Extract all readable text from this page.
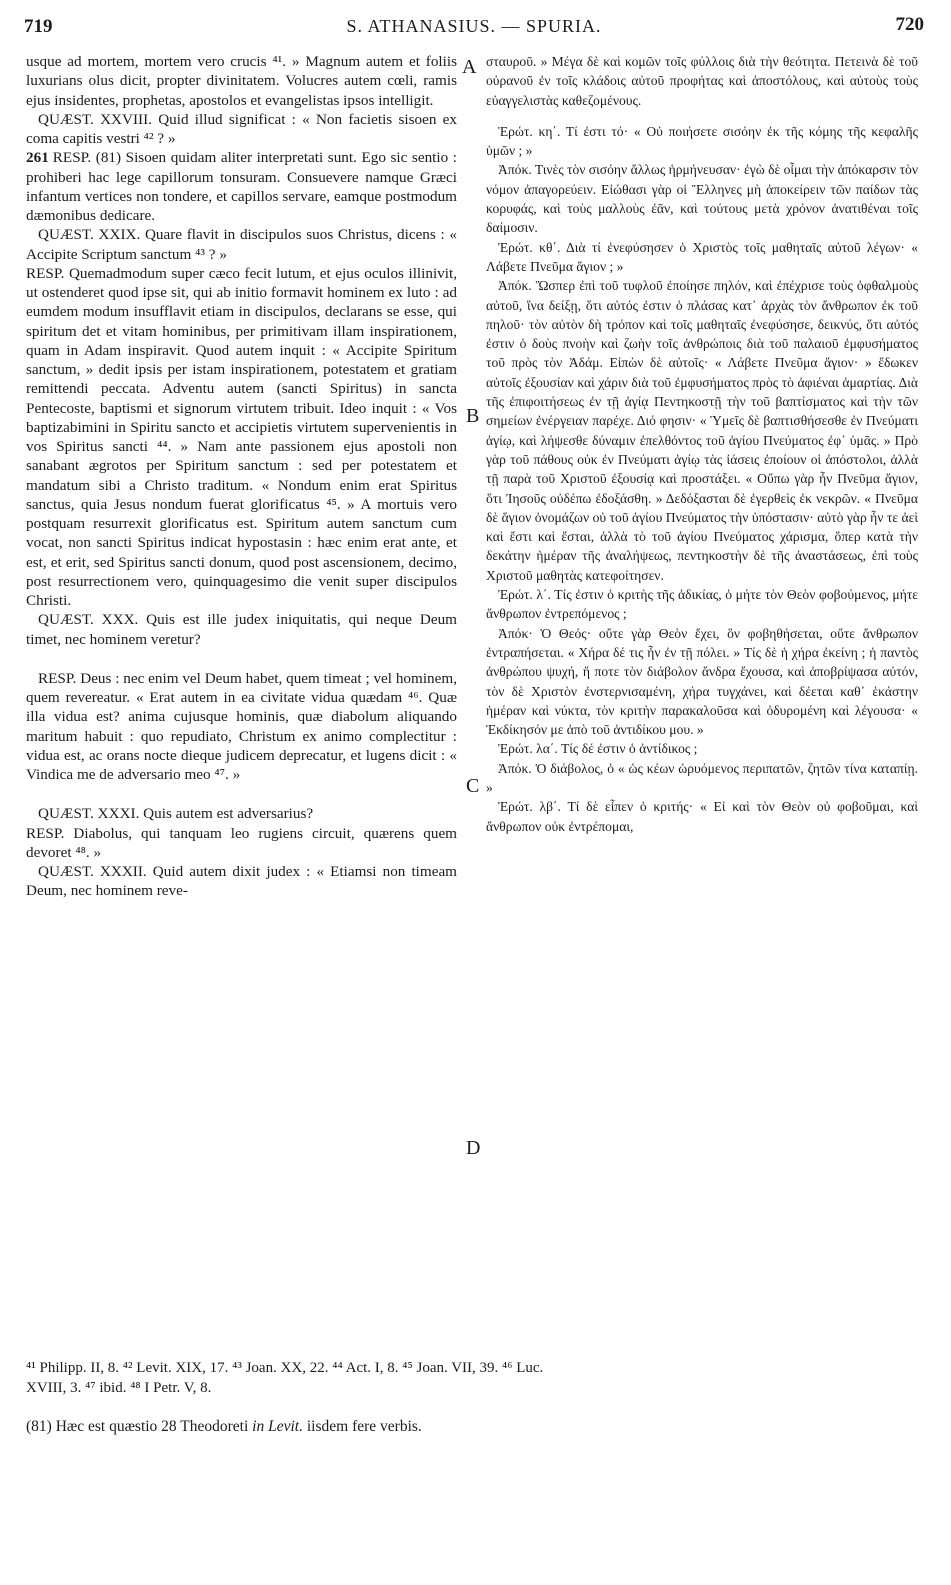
719	S. ATHANASIUS. — SPURIA.	720
A
B
C
D

usque ad mortem, mortem vero crucis ⁴¹. » Magnum autem et foliis luxurians olus dicit, propter divinitatem. Volucres autem cœli, ramis ejus insidentes, prophetas, apostolos et evangelistas ipsos intelligit.

QUÆST. XXVIII. Quid illud significat : « Non facietis sisoen ex coma capitis vestri ⁴² ? »

261 RESP. (81) Sisoen quidam aliter interpretati sunt. Ego sic sentio : prohiberi hac lege capillorum tonsuram. Consuevere namque Græci infantum vertices non tondere, et capillos servare, eamque postmodum dæmonibus dedicare.

QUÆST. XXIX. Quare flavit in discipulos suos Christus, dicens : « Accipite Scriptum sanctum ⁴³ ? »

RESP. Quemadmodum super cæco fecit lutum, et ejus oculos illinivit, ut ostenderet quod ipse sit, qui ab initio formavit hominem ex luto : ad eumdem modum insufflavit etiam in discipulos, declarans se esse, qui spiritum det et vitam hominibus, per primitivam illam inspirationem, quam in Adam inspiravit. Quod autem inquit : « Accipite Spiritum sanctum, » dedit ipsis per istam inspirationem, potestatem et gratiam remittendi peccata. Adventu autem (sancti Spiritus) in sancta Pentecoste, baptismi et signorum virtutem tribuit. Ideo inquit : « Vos baptizabimini in Spiritu sancto et accipietis virtutem supervenientis in vos Spiritus sancti ⁴⁴. » Nam ante passionem ejus apostoli non sanabant ægrotos per Spiritum sanctum : sed per potestatem et mandatum sibi a Christo traditum. « Nondum enim erat Spiritus sanctus, quia Jesus nondum fuerat glorificatus ⁴⁵. » A mortuis vero postquam resurrexit glorificatus est. Spiritum autem sanctum cum vocat, non sancti Spiritus indicat hypostasin : hæc enim erat ante, et est, et erit, sed Spiritus sancti donum, quod post ascensionem, decimo, post resurrectionem vero, quinquagesimo die venit super discipulos Christi.

QUÆST. XXX. Quis est ille judex iniquitatis, qui neque Deum timet, nec hominem veretur?

RESP. Deus : nec enim vel Deum habet, quem timeat ; vel hominem, quem revereatur. « Erat autem in ea civitate vidua quædam ⁴⁶. Quæ illa vidua est? anima cujusque hominis, quæ diabolum aliquando maritum habuit : quo repudiato, Christum ex animo complectitur : vidua est, ac orans nocte dieque judicem deprecatur, et lugens dicit : « Vindica me de adversario meo ⁴⁷. »

QUÆST. XXXI. Quis autem est adversarius?

RESP. Diabolus, qui tanquam leo rugiens circuit, quærens quem devoret ⁴⁸. »

QUÆST. XXXII. Quid autem dixit judex : « Etiamsi non timeam Deum, nec hominem reve-

σταυροῦ. » Μέγα δὲ καὶ κομῶν τοῖς φύλλοις διὰ τὴν θεότητα. Πετεινὰ δὲ τοῦ οὐρανοῦ ἐν τοῖς κλάδοις αὐτοῦ προφήτας καὶ ἀποστόλους, καὶ αὐτοὺς τοὺς εὐαγγελιστὰς καθεζομένους.

Ἐρώτ. κη΄. Τί ἐστι τό· « Οὐ ποιήσετε σισόην ἐκ τῆς κόμης τῆς κεφαλῆς ὑμῶν ; »

Ἀπόκ. Τινὲς τὸν σισόην ἄλλως ἡρμήνευσαν· ἐγὼ δὲ οἶμαι τὴν ἀπόκαρσιν τὸν νόμον ἀπαγορεύειν. Εἰώθασι γὰρ οἱ Ἕλληνες μὴ ἀποκείρειν τῶν παίδων τὰς κορυφάς, καὶ τοὺς μαλλοὺς ἐᾶν, καὶ τούτους μετὰ χρόνον ἀνατιθέναι τοῖς δαίμοσιν.

Ἐρώτ. κθ΄. Διὰ τί ἐνεφύσησεν ὁ Χριστὸς τοῖς μαθηταῖς αὐτοῦ λέγων· « Λάβετε Πνεῦμα ἅγιον ; »

Ἀπόκ. Ὥσπερ ἐπὶ τοῦ τυφλοῦ ἐποίησε πηλόν, καὶ ἐπέχρισε τοὺς ὀφθαλμοὺς αὐτοῦ, ἵνα δείξῃ, ὅτι αὐτός ἐστιν ὁ πλάσας κατ᾽ ἀρχὰς τὸν ἄνθρωπον ἐκ τοῦ πηλοῦ· τὸν αὐτὸν δὴ τρόπον καὶ τοῖς μαθηταῖς ἐνεφύσησε, δεικνύς, ὅτι αὐτός ἐστιν ὁ δοὺς πνοὴν καὶ ζωὴν τοῖς ἀνθρώποις διὰ τοῦ παλαιοῦ ἐμφυσήματος τοῦ πρὸς τὸν Ἀδάμ. Εἰπὼν δὲ αὐτοῖς· « Λάβετε Πνεῦμα ἅγιον· » ἔδωκεν αὐτοῖς ἐξουσίαν καὶ χάριν διὰ τοῦ ἐμφυσήματος πρὸς τὸ ἀφιέναι ἁμαρτίας. Διὰ τῆς ἐπιφοιτήσεως ἐν τῇ ἁγίᾳ Πεντηκοστῇ τὴν τοῦ βαπτίσματος καὶ τὴν τῶν σημείων ἐνέργειαν παρέχε. Διό φησιν· « Ὑμεῖς δὲ βαπτισθήσεσθε ἐν Πνεύματι ἁγίῳ, καὶ λήψεσθε δύναμιν ἐπελθόντος τοῦ ἁγίου Πνεύματος ἐφ᾽ ὑμᾶς. » Πρὸ γὰρ τοῦ πάθους οὐκ ἐν Πνεύματι ἁγίῳ τὰς ἰάσεις ἐποίουν οἱ ἀπόστολοι, ἀλλὰ τῇ παρὰ τοῦ Χριστοῦ ἐξουσίᾳ καὶ προστάξει. « Οὔπω γὰρ ἦν Πνεῦμα ἅγιον, ὅτι Ἰησοῦς οὐδέπω ἐδοξάσθη. » Δεδόξασται δὲ ἐγερθεὶς ἐκ νεκρῶν. « Πνεῦμα δὲ ἅγιον ὀνομάζων οὐ τοῦ ἁγίου Πνεύματος τὴν ὑπόστασιν· αὐτὸ γὰρ ἦν τε ἀεὶ καὶ ἔστι καὶ ἔσται, ἀλλὰ τὸ τοῦ ἁγίου Πνεύματος χάρισμα, ὅπερ κατὰ τὴν δεκάτην ἡμέραν τῆς ἀναλήψεως, πεντηκοστὴν δὲ τῆς ἀναστάσεως, ἐπὶ τοὺς Χριστοῦ μαθητὰς κατεφοίτησεν.

Ἐρώτ. λ΄. Τίς ἐστιν ὁ κριτὴς τῆς ἀδικίας, ὁ μήτε τὸν Θεὸν φοβούμενος, μήτε ἄνθρωπον ἐντρεπόμενος ;

Ἀπόκ· Ὁ Θεός· οὔτε γὰρ Θεὸν ἔχει, ὃν φοβηθήσεται, οὔτε ἄνθρωπον ἐντραπήσεται. « Χήρα δέ τις ἦν ἐν τῇ πόλει. » Τίς δὲ ἡ χήρα ἐκείνη ; ἡ παντὸς ἀνθρώπου ψυχή, ἥ ποτε τὸν διάβολον ἄνδρα ἔχουσα, καὶ ἀποβρίψασα αὐτόν, τὸν δὲ Χριστὸν ἐνστερνισαμένη, χήρα τυγχάνει, καὶ δέεται καθ᾽ ἑκάστην ἡμέραν καὶ νύκτα, τὸν κριτὴν παρακαλοῦσα καὶ ὀδυρομένη καὶ λέγουσα· « Ἐκδίκησόν με ἀπὸ τοῦ ἀντιδίκου μου. »

Ἐρώτ. λα΄. Τίς δέ ἐστιν ὁ ἀντίδικος ;

Ἀπόκ. Ὁ διάβολος, ὁ « ὡς κέων ὠρυόμενος περιπατῶν, ζητῶν τίνα καταπίῃ. »

Ἐρώτ. λβ΄. Τί δὲ εἶπεν ὁ κριτής· « Εἰ καὶ τὸν Θεὸν οὐ φοβοῦμαι, καὶ ἄνθρωπον οὐκ ἐντρέπομαι,

⁴¹ Philipp. II, 8. ⁴² Levit. XIX, 17. ⁴³ Joan. XX, 22. ⁴⁴ Act. I, 8. ⁴⁵ Joan. VII, 39. ⁴⁶ Luc.

XVIII, 3. ⁴⁷ ibid. ⁴⁸ I Petr. V, 8.

(81) Hæc est quæstio 28 Theodoreti in Levit. iisdem fere verbis.
